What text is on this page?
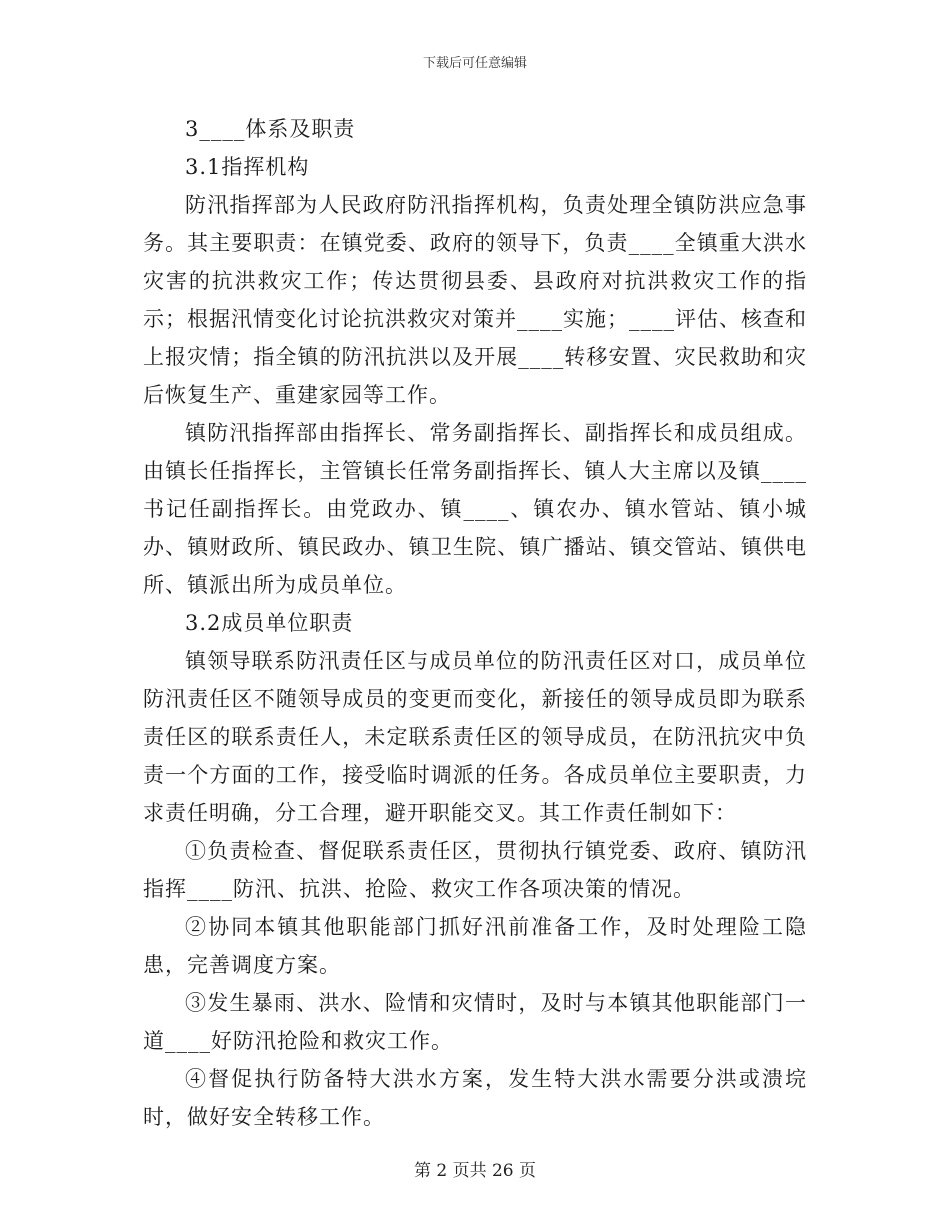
下载后可任意编辑

3____体系及职责

3.1指挥机构

防汛指挥部为人民政府防汛指挥机构，负责处理全镇防洪应急事务。其主要职责：在镇党委、政府的领导下，负责____全镇重大洪水灾害的抗洪救灾工作；传达贯彻县委、县政府对抗洪救灾工作的指示；根据汛情变化讨论抗洪救灾对策并____实施；____评估、核查和上报灾情；指全镇的防汛抗洪以及开展____转移安置、灾民救助和灾后恢复生产、重建家园等工作。

镇防汛指挥部由指挥长、常务副指挥长、副指挥长和成员组成。由镇长任指挥长，主管镇长任常务副指挥长、镇人大主席以及镇____书记任副指挥长。由党政办、镇____、镇农办、镇水管站、镇小城办、镇财政所、镇民政办、镇卫生院、镇广播站、镇交管站、镇供电所、镇派出所为成员单位。

3.2成员单位职责

镇领导联系防汛责任区与成员单位的防汛责任区对口，成员单位防汛责任区不随领导成员的变更而变化，新接任的领导成员即为联系责任区的联系责任人，未定联系责任区的领导成员，在防汛抗灾中负责一个方面的工作，接受临时调派的任务。各成员单位主要职责，力求责任明确，分工合理，避开职能交叉。其工作责任制如下：

①负责检查、督促联系责任区，贯彻执行镇党委、政府、镇防汛指挥____防汛、抗洪、抢险、救灾工作各项决策的情况。

②协同本镇其他职能部门抓好汛前准备工作，及时处理险工隐患，完善调度方案。

③发生暴雨、洪水、险情和灾情时，及时与本镇其他职能部门一道____好防汛抢险和救灾工作。

④督促执行防备特大洪水方案，发生特大洪水需要分洪或溃垸时，做好安全转移工作。

第 2 页共 26 页
